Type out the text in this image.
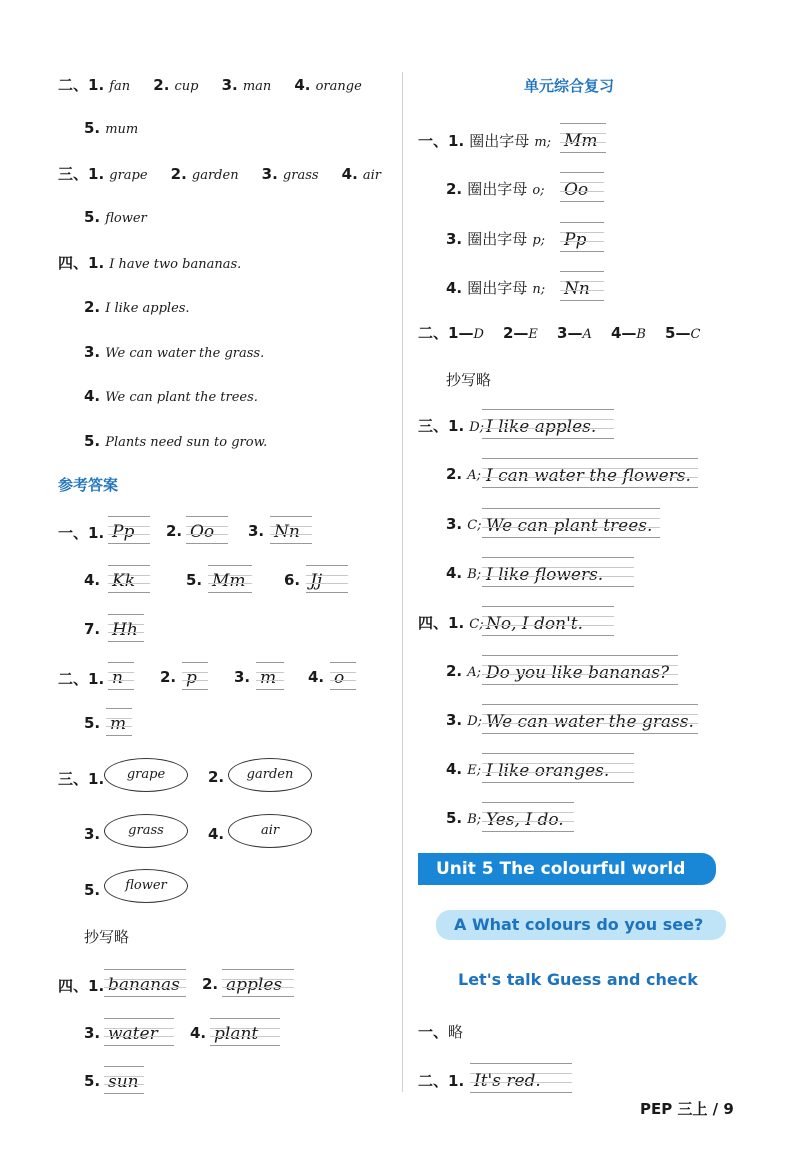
二、1. fan 2. cup 3. man 4. orange
5. mum
三、1. grape 2. garden 3. grass 4. air
5. flower
四、1. I have two bananas.
2. I like apples.
3. We can water the grass.
4. We can plant the trees.
5. Plants need sun to grow.
参考答案
一、1. Pp 2. Oo 3. Nn
4. Kk	5. Mm	6. Jj
7. Hh
二、1. n 2. p 3. m 4. o
5. m
三、1.	grape	2.	garden
3.	grass	4.	air
5.	flower
抄写略
四、1. bananas 2. apples
3. water 4. plant
5. sun
单元综合复习
一、1. 圈出字母 m; Mm
2. 圈出字母 o; Oo
3. 圈出字母 p; Pp
4. 圈出字母 n; Nn
二、1—D 2—E 3—A 4—B 5—C
抄写略
三、1. D; I like apples.
2. A; I can water the flowers.
3. C; We can plant trees.
4. B; I like flowers.
四、1. C; No, I don't.
2. A; Do you like bananas?
3. D; We can water the grass.
4. E; I like oranges.
5. B; Yes, I do.
Unit 5 The colourful world
A What colours do you see?
Let's talk Guess and check
一、略
二、1. It's red.
PEP 三上 / 9
